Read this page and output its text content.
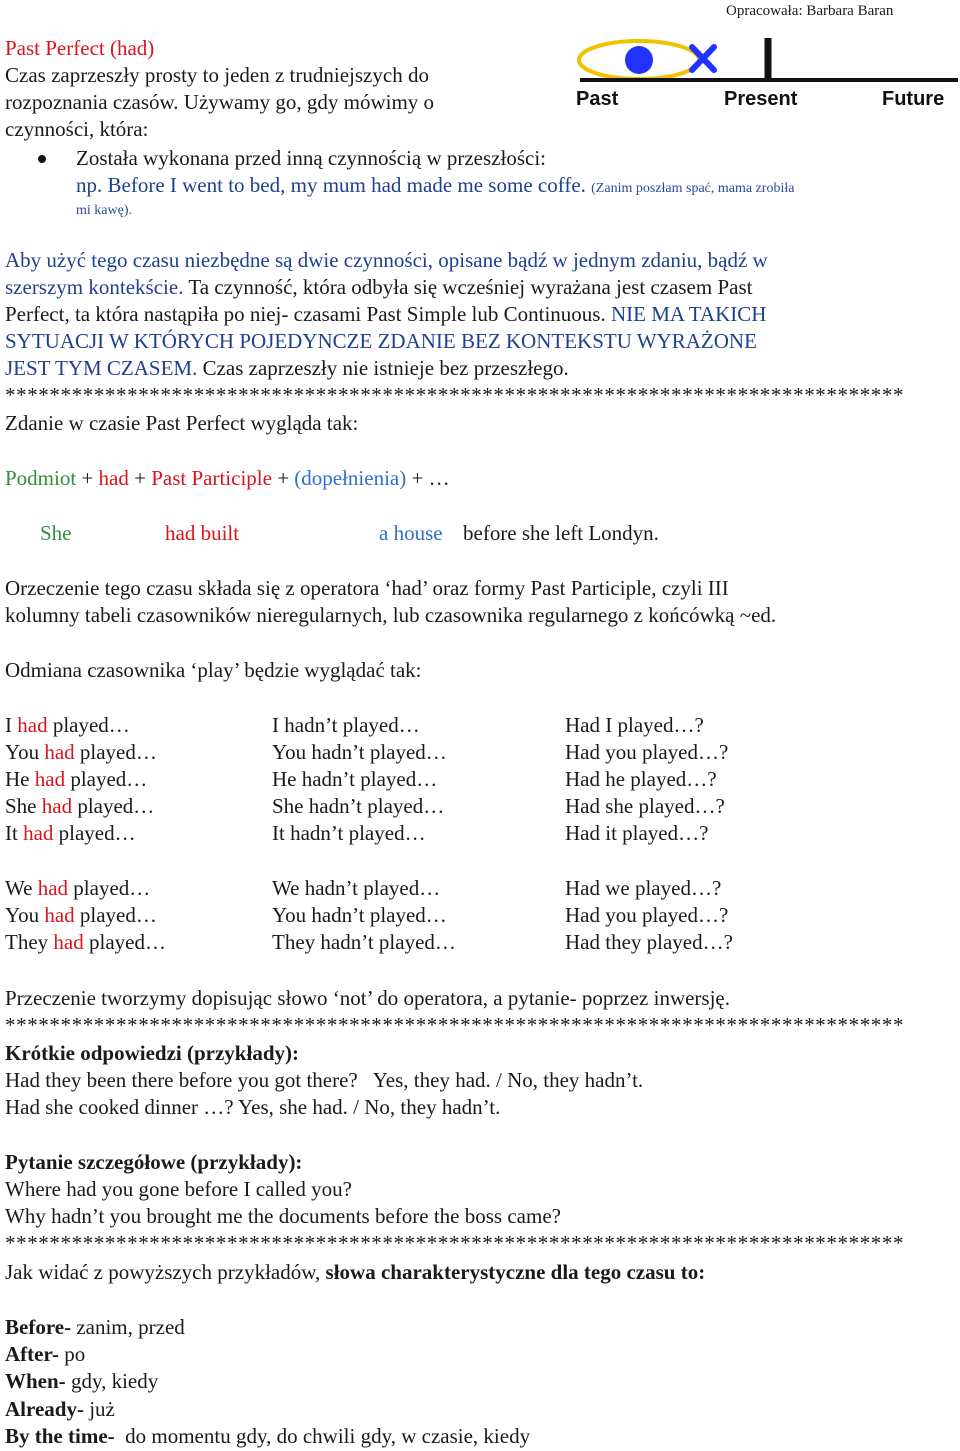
Opracowała: Barbara Baran
Past Perfect (had)
Czas zaprzeszły prosty to jeden z trudniejszych do
rozpoznania czasów. Używamy go, gdy mówimy o
czynności, która:
Past	Present	Future
Została wykonana przed inną czynnością w przeszłości:
np. Before I went to bed, my mum had made me some coffe. (Zanim poszłam spać, mama zrobiła
mi kawę).
Aby użyć tego czasu niezbędne są dwie czynności, opisane bądź w jednym zdaniu, bądź w
szerszym kontekście. Ta czynność, która odbyła się wcześniej wyrażana jest czasem Past
Perfect, ta która nastąpiła po niej- czasami Past Simple lub Continuous. NIE MA TAKICH
SYTUACJI W KTÓRYCH POJEDYNCZE ZDANIE BEZ KONTEKSTU WYRAŻONE
JEST TYM CZASEM. Czas zaprzeszły nie istnieje bez przeszłego.
*********************************************************************************
Zdanie w czasie Past Perfect wygląda tak:
Podmiot + had + Past Participle + (dopełnienia) + …
She	had built	a house before she left Londyn.
Orzeczenie tego czasu składa się z operatora ‘had’ oraz formy Past Participle, czyli III
kolumny tabeli czasowników nieregularnych, lub czasownika regularnego z końcówką ~ed.
Odmiana czasownika ‘play’ będzie wyglądać tak:
I had played…	I hadn’t played…	Had I played…?
You had played…	You hadn’t played…	Had you played…?
He had played…	He hadn’t played…	Had he played…?
She had played…	She hadn’t played…	Had she played…?
It had played…	It hadn’t played…	Had it played…?
We had played…	We hadn’t played…	Had we played…?
You had played…	You hadn’t played…	Had you played…?
They had played…	They hadn’t played…	Had they played…?
Przeczenie tworzymy dopisując słowo ‘not’ do operatora, a pytanie- poprzez inwersję.
*********************************************************************************
Krótkie odpowiedzi (przykłady):
Had they been there before you got there?   Yes, they had. / No, they hadn’t.
Had she cooked dinner …? Yes, she had. / No, they hadn’t.
Pytanie szczegółowe (przykłady):
Where had you gone before I called you?
Why hadn’t you brought me the documents before the boss came?
*********************************************************************************
Jak widać z powyższych przykładów, słowa charakterystyczne dla tego czasu to:
Before- zanim, przed
After- po
When- gdy, kiedy
Already- już
By the time-  do momentu gdy, do chwili gdy, w czasie, kiedy
